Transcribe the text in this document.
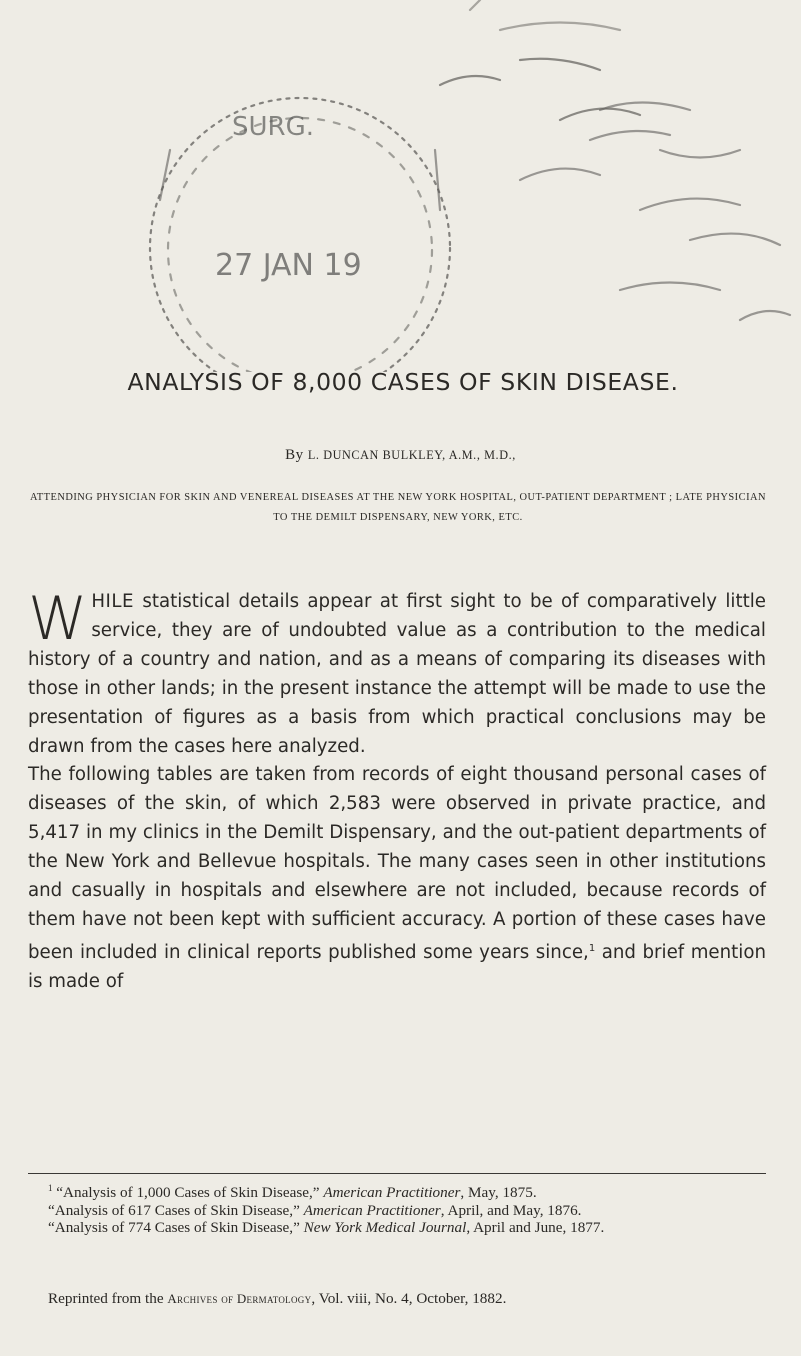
SURG.
27 JAN 19
ANALYSIS OF 8,000 CASES OF SKIN DISEASE.
By L. DUNCAN BULKLEY, A.M., M.D.,
ATTENDING PHYSICIAN FOR SKIN AND VENEREAL DISEASES AT THE NEW YORK HOSPITAL, OUT-PATIENT DEPARTMENT ; LATE PHYSICIAN TO THE DEMILT DISPENSARY, NEW YORK, ETC.

WHILE statistical details appear at first sight to be of comparatively little service, they are of undoubted value as a contribution to the medical history of a country and nation, and as a means of comparing its diseases with those in other lands; in the present instance the attempt will be made to use the presentation of figures as a basis from which practical conclusions may be drawn from the cases here analyzed.

The following tables are taken from records of eight thousand personal cases of diseases of the skin, of which 2,583 were observed in private practice, and 5,417 in my clinics in the Demilt Dispensary, and the out-patient departments of the New York and Bellevue hospitals. The many cases seen in other institutions and casually in hospitals and elsewhere are not included, because records of them have not been kept with sufficient accuracy. A portion of these cases have been included in clinical reports published some years since,$^1$ and brief mention is made of

$^1$ “Analysis of 1,000 Cases of Skin Disease,” American Practitioner, May, 1875.

“Analysis of 617 Cases of Skin Disease,” American Practitioner, April, and May, 1876.

“Analysis of 774 Cases of Skin Disease,” New York Medical Journal, April and June, 1877.

Reprinted from the Archives of Dermatology, Vol. viii, No. 4, October, 1882.
